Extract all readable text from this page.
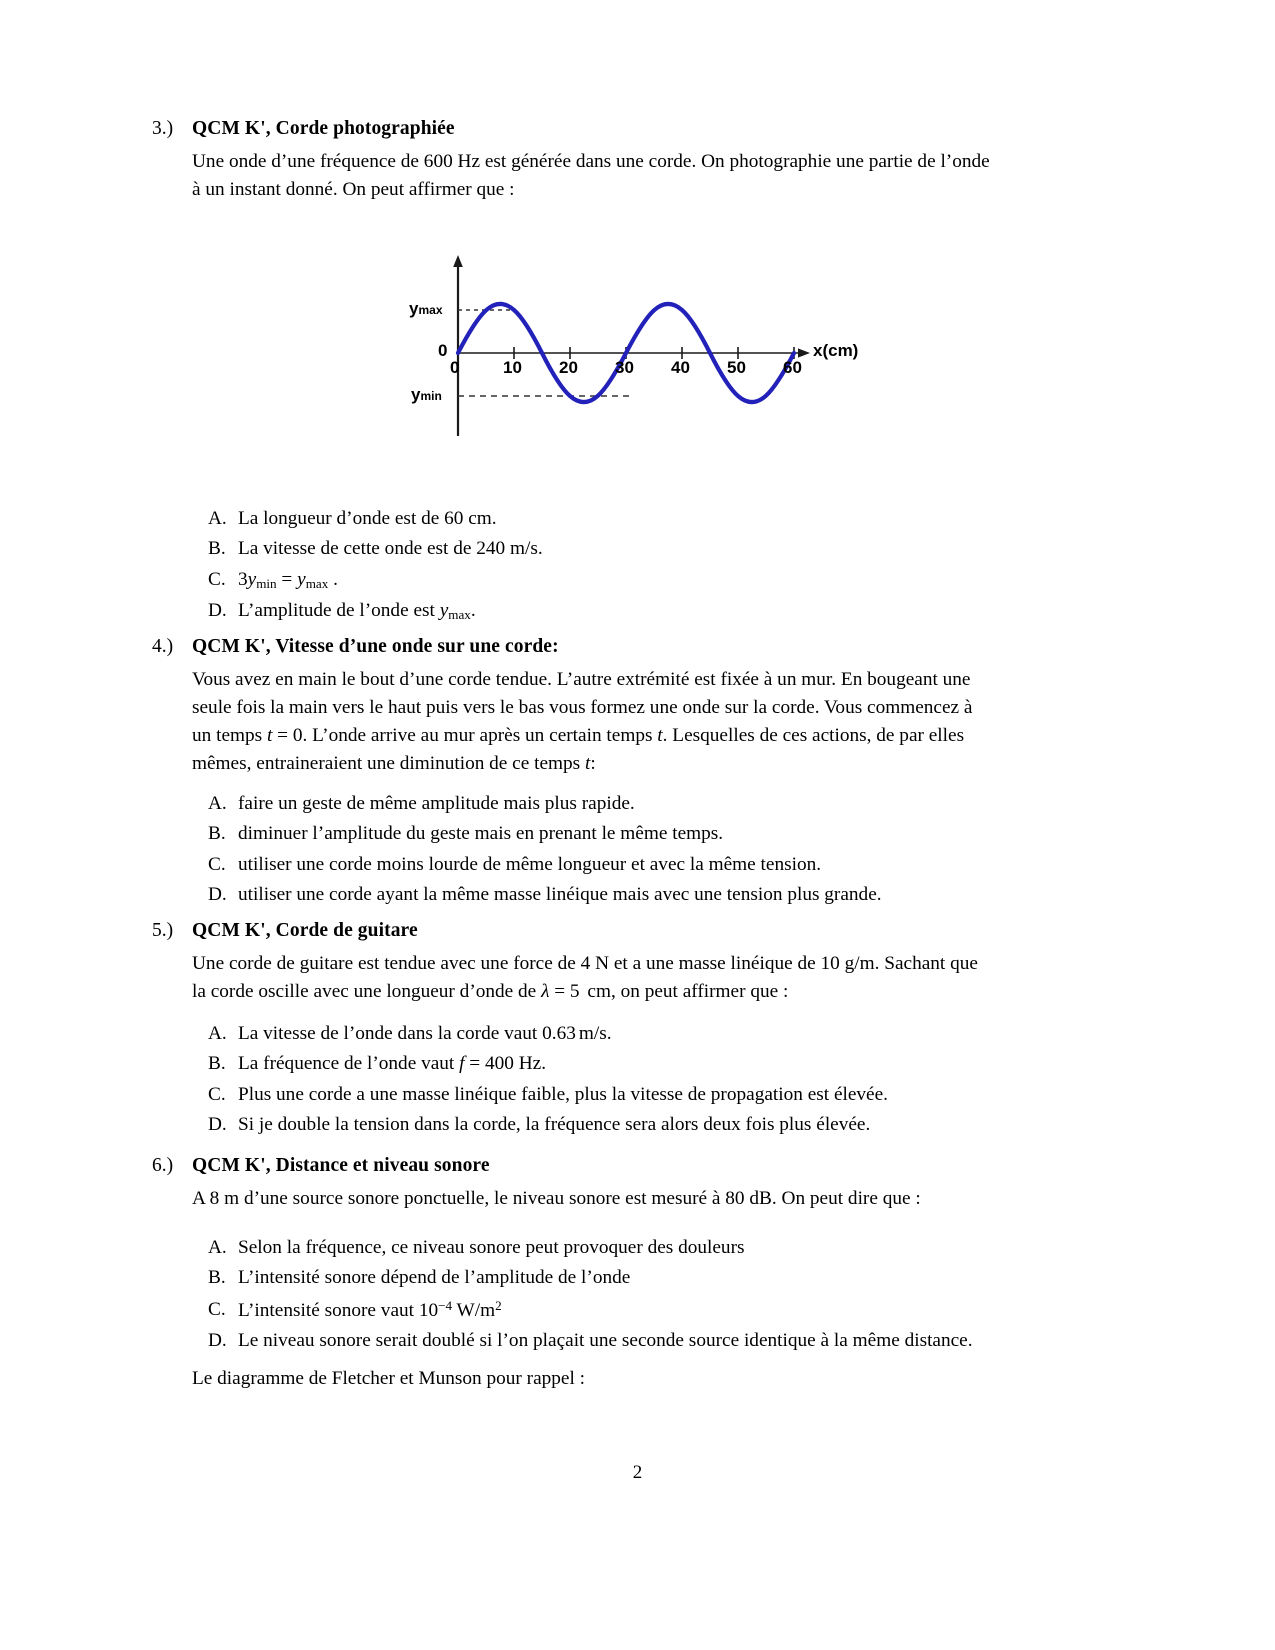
3.) QCM K', Corde photographiée

Une onde d’une fréquence de 600 Hz est générée dans une corde. On photographie une partie de l’onde

à un instant donné. On peut affirmer que :

0	10 20 30 40 50 60
x(cm)
ymax
0
ymin
A. La longueur d’onde est de 60 cm.
B. La vitesse de cette onde est de 240 m/s.
C. $3y_{min} = y_{max}$ .
D. L’amplitude de l’onde est $y_{max}$.
4.) QCM K', Vitesse d’une onde sur une corde:

Vous avez en main le bout d’une corde tendue. L’autre extrémité est fixée à un mur. En bougeant une

seule fois la main vers le haut puis vers le bas vous formez une onde sur la corde. Vous commencez à

un temps t = 0. L’onde arrive au mur après un certain temps t. Lesquelles de ces actions, de par elles

mêmes, entraineraient une diminution de ce temps t:

A. faire un geste de même amplitude mais plus rapide.
B. diminuer l’amplitude du geste mais en prenant le même temps.
C. utiliser une corde moins lourde de même longueur et avec la même tension.
D. utiliser une corde ayant la même masse linéique mais avec une tension plus grande.
5.) QCM K', Corde de guitare

Une corde de guitare est tendue avec une force de 4 N et a une masse linéique de 10 g/m. Sachant que

la corde oscille avec une longueur d’onde de λ = 5 cm, on peut affirmer que :

A. La vitesse de l’onde dans la corde vaut 0.63 m/s.
B. La fréquence de l’onde vaut f = 400 Hz.
C. Plus une corde a une masse linéique faible, plus la vitesse de propagation est élevée.
D. Si je double la tension dans la corde, la fréquence sera alors deux fois plus élevée.
6.) QCM K', Distance et niveau sonore

A 8 m d’une source sonore ponctuelle, le niveau sonore est mesuré à 80 dB. On peut dire que :

A. Selon la fréquence, ce niveau sonore peut provoquer des douleurs
B. L’intensité sonore dépend de l’amplitude de l’onde
C. L’intensité sonore vaut $10^{-4}$ $W/m^2$
D. Le niveau sonore serait doublé si l’on plaçait une seconde source identique à la même distance.
Le diagramme de Fletcher et Munson pour rappel :
2
